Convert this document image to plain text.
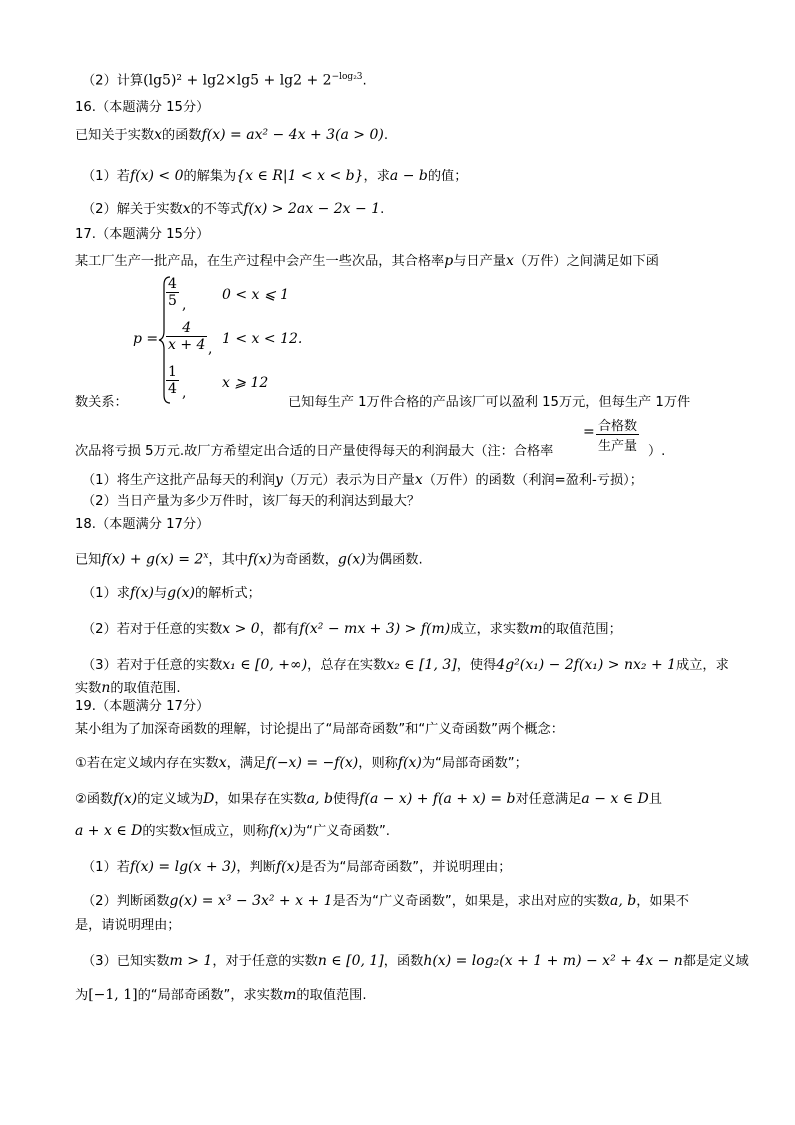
（2）计算$(\lg 5)^2 + \lg 2\times\lg 5 + \lg 2 + 2^{-log_23}$.
16.（本题满分 15分）
已知关于实数x的函数f(x) = ax² − 4x + 3(a > 0).
（1）若f(x) < 0的解集为{x ∈ R|1 < x < b}，求a − b的值；
（2）解关于实数x的不等式f(x) > 2ax − 2x − 1.
17.（本题满分 15分）
某工厂生产一批产品，在生产过程中会产生一些次品，其合格率p与日产量x（万件）之间满足如下函
p =
$\frac{4}{5}$ ,
0 < x ⩽ 1
$\frac{4}{x + 4}$ ,
1 < x < 12.
$\frac{1}{4}$ ,
x ⩾ 12
数关系：	已知每生产 1万件合格的产品该厂可以盈利 15万元，但每生产 1万件
次品将亏损 5万元.故厂方希望定出合适的日产量使得每天的利润最大（注：合格率
= 合格数
生产量 ）.
（1）将生产这批产品每天的利润y（万元）表示为日产量x（万件）的函数（利润=盈利-亏损）；
（2）当日产量为多少万件时，该厂每天的利润达到最大？
18.（本题满分 17分）
已知$f(x) + g(x) = 2^x$，其中f(x)为奇函数，g(x)为偶函数.
（1）求f(x)与g(x)的解析式；
（2）若对于任意的实数x > 0，都有f(x² − mx + 3) > f(m)成立，求实数m的取值范围；
（3）若对于任意的实数x₁ ∈ [0, +∞)，总存在实数x₂ ∈ [1, 3]，使得4g²(x₁) − 2f(x₁) > nx₂ + 1成立，求
实数n的取值范围.
19.（本题满分 17分）
某小组为了加深奇函数的理解，讨论提出了“局部奇函数”和“广义奇函数”两个概念：
①若在定义域内存在实数x，满足f(−x) = −f(x)，则称f(x)为“局部奇函数”；
②函数f(x)的定义域为D，如果存在实数a, b使得f(a − x) + f(a + x) = b对任意满足a − x ∈ D且
a + x ∈ D的实数x恒成立，则称f(x)为“广义奇函数”.
（1）若f(x) = lg(x + 3)，判断f(x)是否为“局部奇函数”，并说明理由；
（2）判断函数g(x) = x³ − 3x² + x + 1是否为“广义奇函数”，如果是，求出对应的实数a, b，如果不
是，请说明理由；
（3）已知实数m > 1，对于任意的实数n ∈ [0, 1]，函数h(x) = log₂(x + 1 + m) − x² + 4x − n都是定义域
为[−1, 1]的“局部奇函数”，求实数m的取值范围.
